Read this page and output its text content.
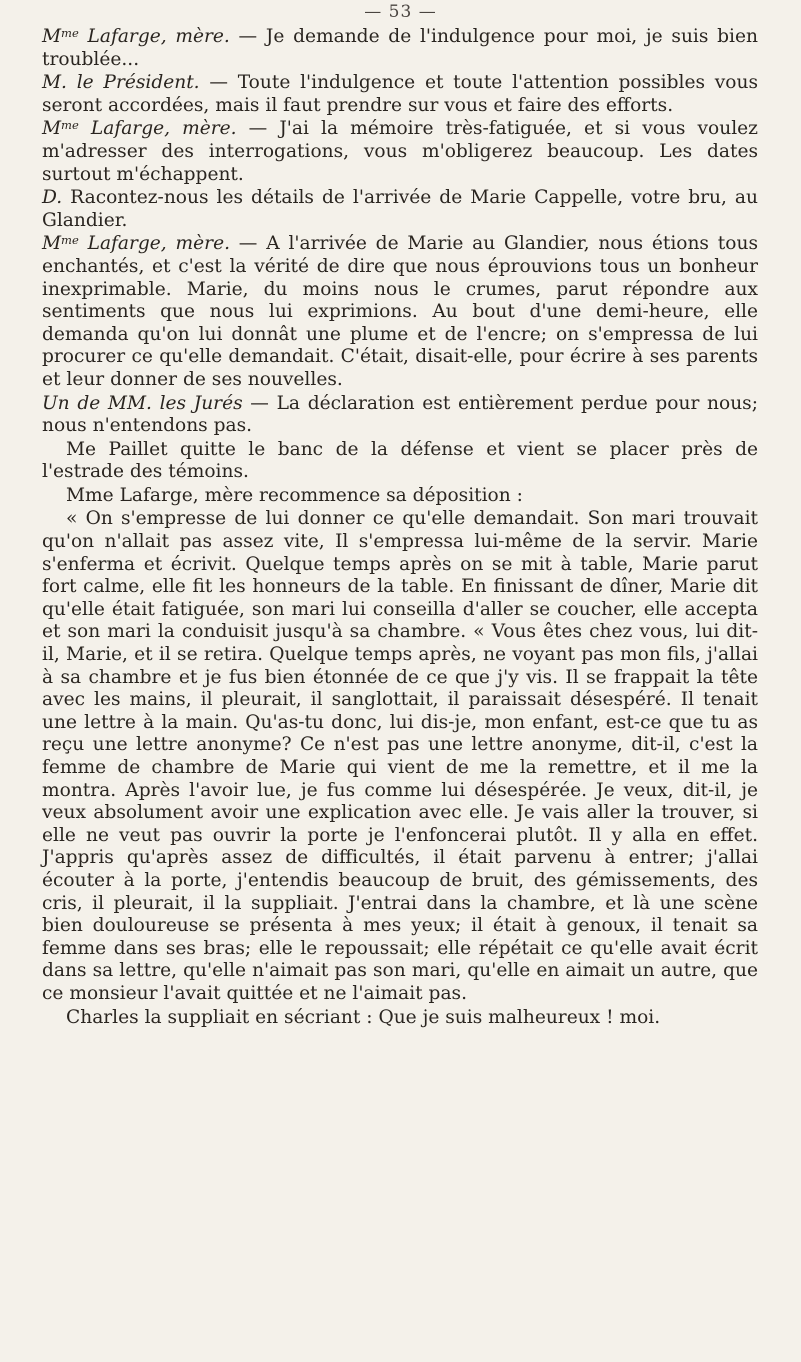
— 53 —

$M^{me}$ Lafarge, mère. — Je demande de l'indulgence pour moi, je suis bien troublée...

M. le Président. — Toute l'indulgence et toute l'attention possibles vous seront accordées, mais il faut prendre sur vous et faire des efforts.

$M^{me}$ Lafarge, mère. — J'ai la mémoire très-fatiguée, et si vous voulez m'adresser des interrogations, vous m'obligerez beaucoup. Les dates surtout m'échappent.

D. Racontez-nous les détails de l'arrivée de Marie Cappelle, votre bru, au Glandier.

$M^{me}$ Lafarge, mère. — A l'arrivée de Marie au Glandier, nous étions tous enchantés, et c'est la vérité de dire que nous éprouvions tous un bonheur inexprimable. Marie, du moins nous le crumes, parut répondre aux sentiments que nous lui exprimions. Au bout d'une demi-heure, elle demanda qu'on lui donnât une plume et de l'encre; on s'empressa de lui procurer ce qu'elle demandait. C'était, disait-elle, pour écrire à ses parents et leur donner de ses nouvelles.

Un de MM. les Jurés — La déclaration est entièrement perdue pour nous; nous n'entendons pas.

Me Paillet quitte le banc de la défense et vient se placer près de l'estrade des témoins.

Mme Lafarge, mère recommence sa déposition :

« On s'empresse de lui donner ce qu'elle demandait. Son mari trouvait qu'on n'allait pas assez vite, Il s'empressa lui-même de la servir. Marie s'enferma et écrivit. Quelque temps après on se mit à table, Marie parut fort calme, elle fit les honneurs de la table. En finissant de dîner, Marie dit qu'elle était fatiguée, son mari lui conseilla d'aller se coucher, elle accepta et son mari la conduisit jusqu'à sa chambre. « Vous êtes chez vous, lui dit-il, Marie, et il se retira. Quelque temps après, ne voyant pas mon fils, j'allai à sa chambre et je fus bien étonnée de ce que j'y vis. Il se frappait la tête avec les mains, il pleurait, il sanglottait, il paraissait désespéré. Il tenait une lettre à la main. Qu'as-tu donc, lui dis-je, mon enfant, est-ce que tu as reçu une lettre anonyme? Ce n'est pas une lettre anonyme, dit-il, c'est la femme de chambre de Marie qui vient de me la remettre, et il me la montra. Après l'avoir lue, je fus comme lui désespérée. Je veux, dit-il, je veux absolument avoir une explication avec elle. Je vais aller la trouver, si elle ne veut pas ouvrir la porte je l'enfoncerai plutôt. Il y alla en effet. J'appris qu'après assez de difficultés, il était parvenu à entrer; j'allai écouter à la porte, j'entendis beaucoup de bruit, des gémissements, des cris, il pleurait, il la suppliait. J'entrai dans la chambre, et là une scène bien douloureuse se présenta à mes yeux; il était à genoux, il tenait sa femme dans ses bras; elle le repoussait; elle répétait ce qu'elle avait écrit dans sa lettre, qu'elle n'aimait pas son mari, qu'elle en aimait un autre, que ce monsieur l'avait quittée et ne l'aimait pas.

Charles la suppliait en sécriant : Que je suis malheureux ! moi.
